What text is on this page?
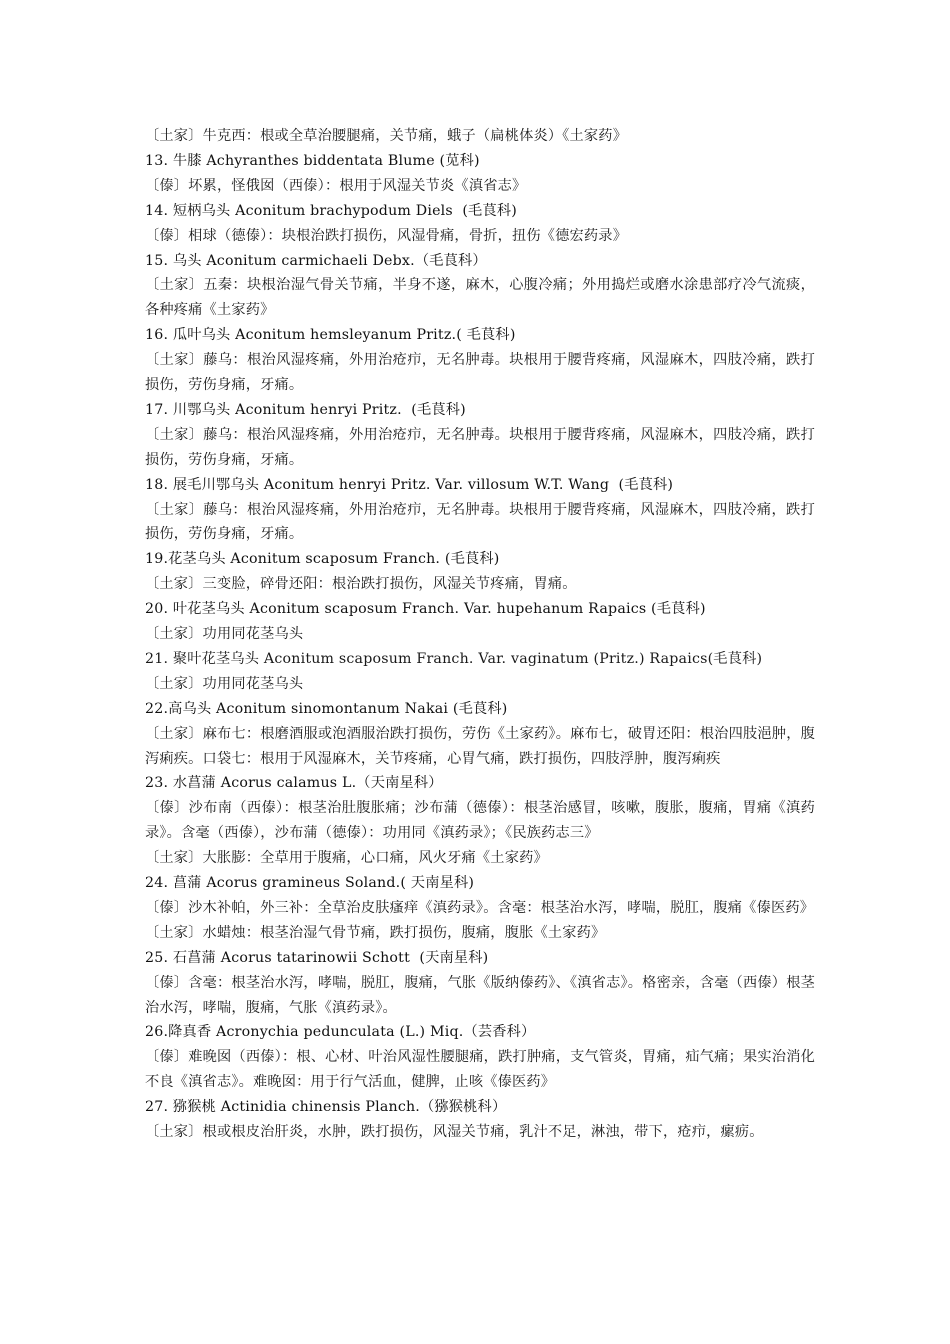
〔土家〕牛克西：根或全草治腰腿痛，关节痛，蛾子（扁桃体炎）《土家药》
13. 牛膝 Achyranthes biddentata Blume (苋科)
〔傣〕坏累，怪俄囡（西傣）：根用于风湿关节炎《滇省志》
14. 短柄乌头 Aconitum brachypodum Diels  (毛茛科)
〔傣〕相球（德傣）：块根治跌打损伤，风湿骨痛，骨折，扭伤《德宏药录》
15. 乌头 Aconitum carmichaeli Debx.（毛茛科）
〔土家〕五秦：块根治湿气骨关节痛，半身不遂，麻木，心腹冷痛；外用捣烂或磨水涂患部疗冷气流痰，各种疼痛《土家药》
16. 瓜叶乌头 Aconitum hemsleyanum Pritz.( 毛茛科)
〔土家〕藤乌：根治风湿疼痛，外用治疮疖，无名肿毒。块根用于腰背疼痛，风湿麻木，四肢冷痛，跌打损伤，劳伤身痛，牙痛。
17. 川鄂乌头 Aconitum henryi Pritz.  (毛茛科)
〔土家〕藤乌：根治风湿疼痛，外用治疮疖，无名肿毒。块根用于腰背疼痛，风湿麻木，四肢冷痛，跌打损伤，劳伤身痛，牙痛。
18. 展毛川鄂乌头 Aconitum henryi Pritz. Var. villosum W.T. Wang  (毛茛科)
〔土家〕藤乌：根治风湿疼痛，外用治疮疖，无名肿毒。块根用于腰背疼痛，风湿麻木，四肢冷痛，跌打损伤，劳伤身痛，牙痛。
19.花茎乌头 Aconitum scaposum Franch. (毛茛科)
〔土家〕三变脸，碎骨还阳：根治跌打损伤，风湿关节疼痛，胃痛。
20. 叶花茎乌头 Aconitum scaposum Franch. Var. hupehanum Rapaics (毛茛科)
〔土家〕功用同花茎乌头
21. 聚叶花茎乌头 Aconitum scaposum Franch. Var. vaginatum (Pritz.) Rapaics(毛茛科)
〔土家〕功用同花茎乌头
22.高乌头 Aconitum sinomontanum Nakai (毛茛科)
〔土家〕麻布七：根磨酒服或泡酒服治跌打损伤，劳伤《土家药》。麻布七，破胃还阳：根治四肢浥肿，腹泻痢疾。口袋七：根用于风湿麻木，关节疼痛，心胃气痛，跌打损伤，四肢浮肿，腹泻痢疾
23. 水菖蒲 Acorus calamus L.（天南星科）
〔傣〕沙布南（西傣）：根茎治肚腹胀痛；沙布蒲（德傣）：根茎治感冒，咳嗽，腹胀，腹痛，胃痛《滇药录》。含毫（西傣），沙布蒲（德傣）：功用同《滇药录》；《民族药志三》
〔土家〕大胀膨：全草用于腹痛，心口痛，风火牙痛《土家药》
24. 菖蒲 Acorus gramineus Soland.( 天南星科)
〔傣〕沙木补帕，外三补：全草治皮肤瘙痒《滇药录》。含毫：根茎治水泻，哮喘，脱肛，腹痛《傣医药》
〔土家〕水蜡烛：根茎治湿气骨节痛，跌打损伤，腹痛，腹胀《土家药》
25. 石菖蒲 Acorus tatarinowii Schott  (天南星科)
〔傣〕含毫：根茎治水泻，哮喘，脱肛，腹痛，气胀《版纳傣药》、《滇省志》。格密亲，含毫（西傣）根茎治水泻，哮喘，腹痛，气胀《滇药录》。
26.降真香 Acronychia pedunculata (L.) Miq.（芸香科）
〔傣〕难晚囡（西傣）：根、心材、叶治风湿性腰腿痛，跌打肿痛，支气管炎，胃痛，疝气痛；果实治消化不良《滇省志》。难晚囡：用于行气活血，健脾，止咳《傣医药》
27. 猕猴桃 Actinidia chinensis Planch.（猕猴桃科）
〔土家〕根或根皮治肝炎，水肿，跌打损伤，风湿关节痛，乳汁不足，淋浊，带下，疮疖，瘰疬。
